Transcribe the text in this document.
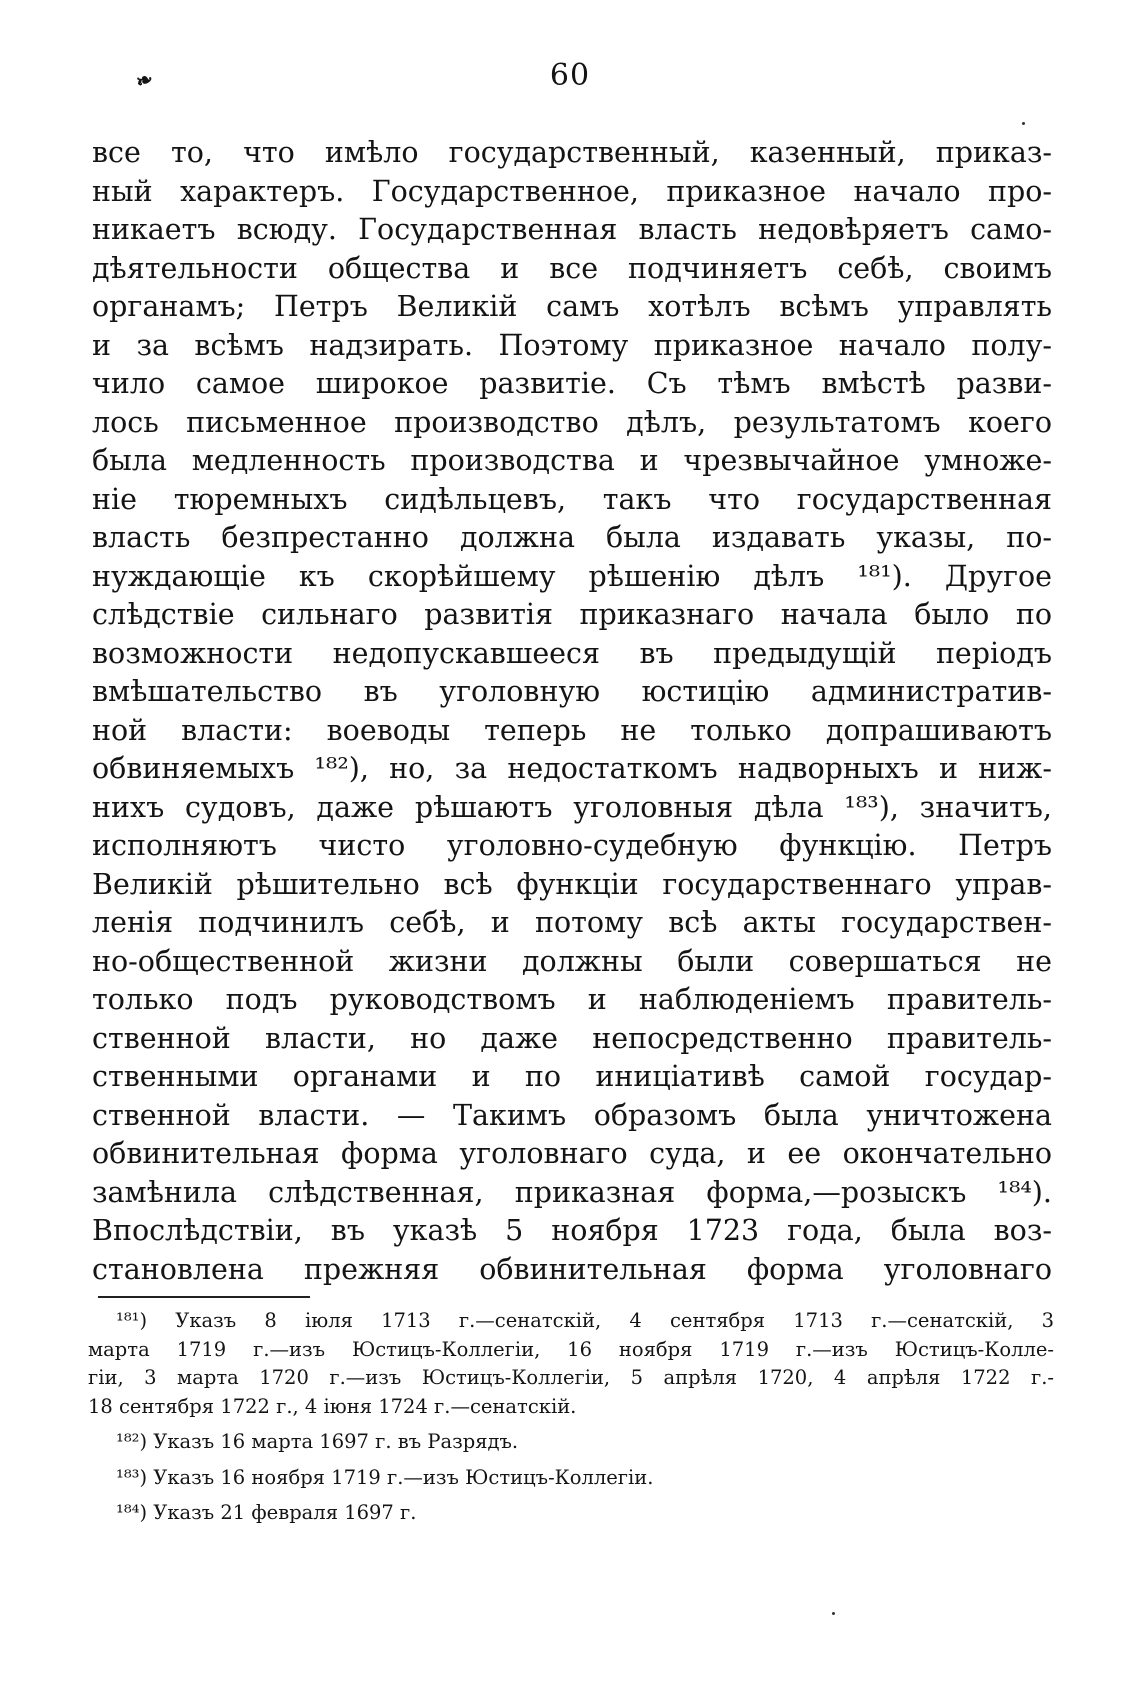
❧	60
все то, что имѣло государственный, казенный, приказ-
ный характеръ. Государственное, приказное начало про-
никаетъ всюду. Государственная власть недовѣряетъ само-
дѣятельности общества и все подчиняетъ себѣ, своимъ
органамъ; Петръ Великій самъ хотѣлъ всѣмъ управлять
и за всѣмъ надзирать. Поэтому приказное начало полу-
чило самое широкое развитіе. Съ тѣмъ вмѣстѣ разви-
лось письменное производство дѣлъ, результатомъ коего
была медленность производства и чрезвычайное умноже-
ніе тюремныхъ сидѣльцевъ, такъ что государственная
власть безпрестанно должна была издавать указы, по-
нуждающіе къ скорѣйшему рѣшенію дѣлъ ¹⁸¹). Другое
слѣдствіе сильнаго развитія приказнаго начала было по
возможности недопускавшееся въ предыдущій періодъ
вмѣшательство въ уголовную юстицію административ-
ной власти: воеводы теперь не только допрашиваютъ
обвиняемыхъ ¹⁸²), но, за недостаткомъ надворныхъ и ниж-
нихъ судовъ, даже рѣшаютъ уголовныя дѣла ¹⁸³), значитъ,
исполняютъ чисто уголовно-судебную функцію. Петръ
Великій рѣшительно всѣ функціи государственнаго управ-
ленія подчинилъ себѣ, и потому всѣ акты государствен-
но-общественной жизни должны были совершаться не
только подъ руководствомъ и наблюденіемъ правитель-
ственной власти, но даже непосредственно правитель-
ственными органами и по иниціативѣ самой государ-
ственной власти. — Такимъ образомъ была уничтожена
обвинительная форма уголовнаго суда, и ее окончательно
замѣнила слѣдственная, приказная форма,—розыскъ ¹⁸⁴).
Впослѣдствіи, въ указѣ 5 ноября 1723 года, была воз-
становлена прежняя обвинительная форма уголовнаго
¹⁸¹) Указъ 8 іюля 1713 г.—сенатскій, 4 сентября 1713 г.—сенатскій, 3
марта 1719 г.—изъ Юстицъ-Коллегіи, 16 ноября 1719 г.—изъ Юстицъ-Колле-
гіи, 3 марта 1720 г.—изъ Юстицъ-Коллегіи, 5 апрѣля 1720, 4 апрѣля 1722 г.-
18 сентября 1722 г., 4 іюня 1724 г.—сенатскій.
¹⁸²) Указъ 16 марта 1697 г. въ Разрядъ.
¹⁸³) Указъ 16 ноября 1719 г.—изъ Юстицъ-Коллегіи.
¹⁸⁴) Указъ 21 февраля 1697 г.
